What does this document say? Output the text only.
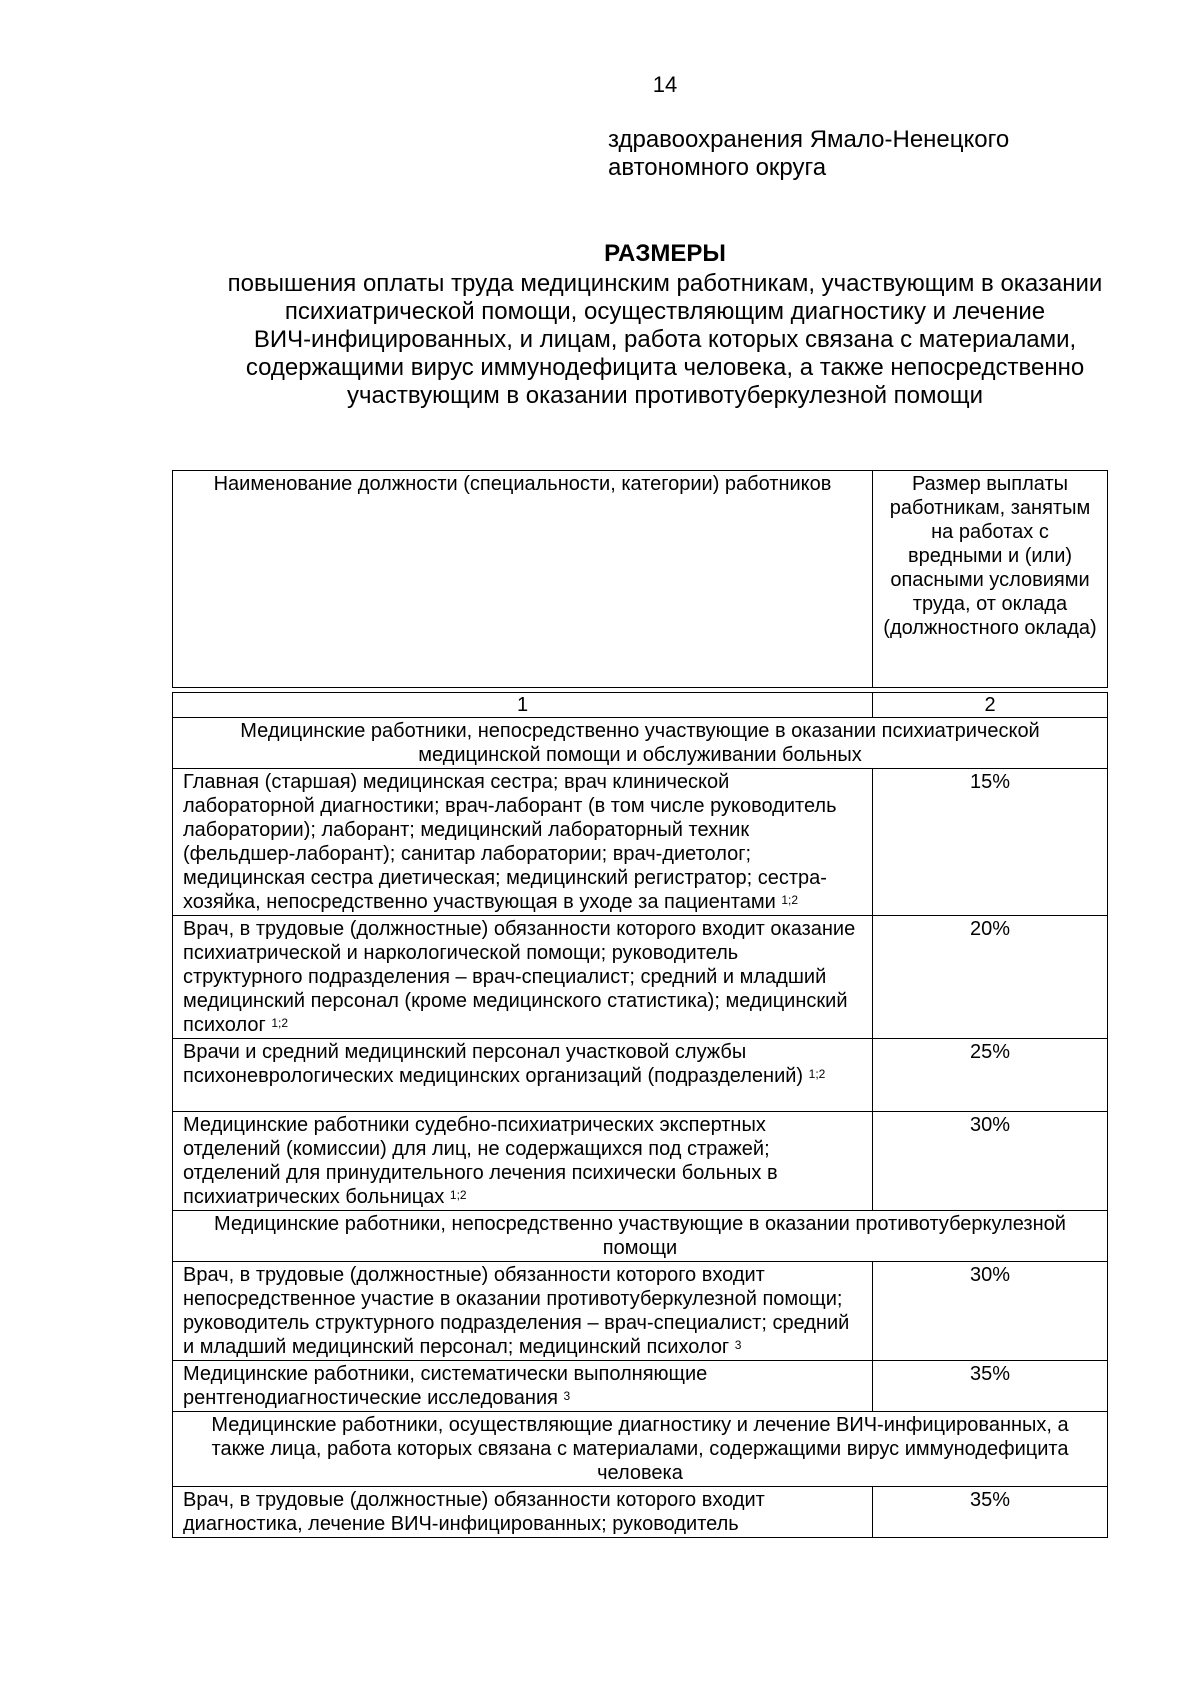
14
здравоохранения Ямало-Ненецкого
автономного округа
РАЗМЕРЫ
повышения оплаты труда медицинским работникам, участвующим в оказании
психиатрической помощи, осуществляющим диагностику и лечение
ВИЧ-инфицированных, и лицам, работа которых связана с материалами,
содержащими вирус иммунодефицита человека, а также непосредственно
участвующим в оказании противотуберкулезной помощи
Наименование должности (специальности, категории) работников	Размер выплаты работникам, занятым на работах с вредными и (или) опасными условиями труда, от оклада (должностного оклада)

1	2
Медицинские работники, непосредственно участвующие в оказании психиатрической медицинской помощи и обслуживании больных	
Главная (старшая) медицинская сестра; врач клинической лабораторной диагностики; врач-лаборант (в том числе руководитель лаборатории); лаборант; медицинский лабораторный техник (фельдшер-лаборант); санитар лаборатории; врач-диетолог; медицинская сестра диетическая; медицинский регистратор; сестра-хозяйка, непосредственно участвующая в уходе за пациентами $^{1;2}$	15%
Врач, в трудовые (должностные) обязанности которого входит оказание психиатрической и наркологической помощи; руководитель структурного подразделения – врач-специалист; средний и младший медицинский персонал (кроме медицинского статистика); медицинский психолог $^{1;2}$	20%
Врачи и средний медицинский персонал участковой службы психоневрологических медицинских организаций (подразделений) $^{1;2}$	25%
Медицинские работники судебно-психиатрических экспертных отделений (комиссии) для лиц, не содержащихся под стражей; отделений для принудительного лечения психически больных в психиатрических больницах $^{1;2}$	30%
Медицинские работники, непосредственно участвующие в оказании противотуберкулезной помощи	
Врач, в трудовые (должностные) обязанности которого входит непосредственное участие в оказании противотуберкулезной помощи; руководитель структурного подразделения – врач-специалист; средний и младший медицинский персонал; медицинский психолог $^3$	30%
Медицинские работники, систематически выполняющие рентгенодиагностические исследования $^3$	35%
Медицинские работники, осуществляющие диагностику и лечение ВИЧ-инфицированных, а также лица, работа которых связана с материалами, содержащими вирус иммунодефицита человека	
Врач, в трудовые (должностные) обязанности которого входит диагностика, лечение ВИЧ-инфицированных; руководитель	35%
